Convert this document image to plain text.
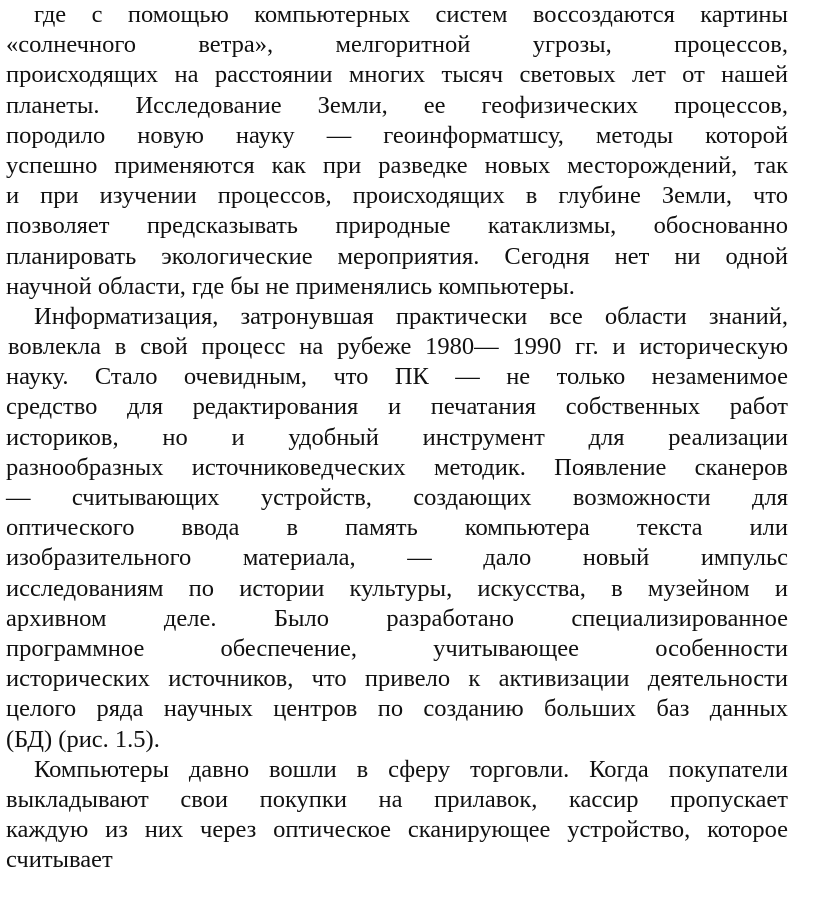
где с помощью компьютерных систем воссоздаются картины
«солнечного ветра», мелгоритной угрозы, процессов,
происходящих на расстоянии многих тысяч световых лет от нашей
планеты. Исследование Земли, ее геофизических процессов,
породило новую науку — геоинформатшсу, методы которой
успешно применяются как при разведке новых месторождений, так
и при изучении процессов, происходящих в глубине Земли, что
позволяет предсказывать природные катаклизмы, обоснованно
планировать экологические мероприятия. Сегодня нет ни одной
научной области, где бы не применялись компьютеры.
Информатизация, затронувшая практически все области знаний,
вовлекла в свой процесс на рубеже 1980— 1990 гг. и историческую
науку. Стало очевидным, что ПК — не только незаменимое
средство для редактирования и печатания собственных работ
историков, но и удобный инструмент для реализации
разнообразных источниковедческих методик. Появление сканеров
— считывающих устройств, создающих возможности для
оптического ввода в память компьютера текста или
изобразительного материала, — дало новый импульс
исследованиям по истории культуры, искусства, в музейном и
архивном деле. Было разработано специализированное
программное обеспечение, учитывающее особенности
исторических источников, что привело к активизации деятельности
целого ряда научных центров по созданию больших баз данных
(БД) (рис. 1.5).
Компьютеры давно вошли в сферу торговли. Когда покупатели
выкладывают свои покупки на прилавок, кассир пропускает
каждую из них через оптическое сканирующее устройство, которое
считывает
